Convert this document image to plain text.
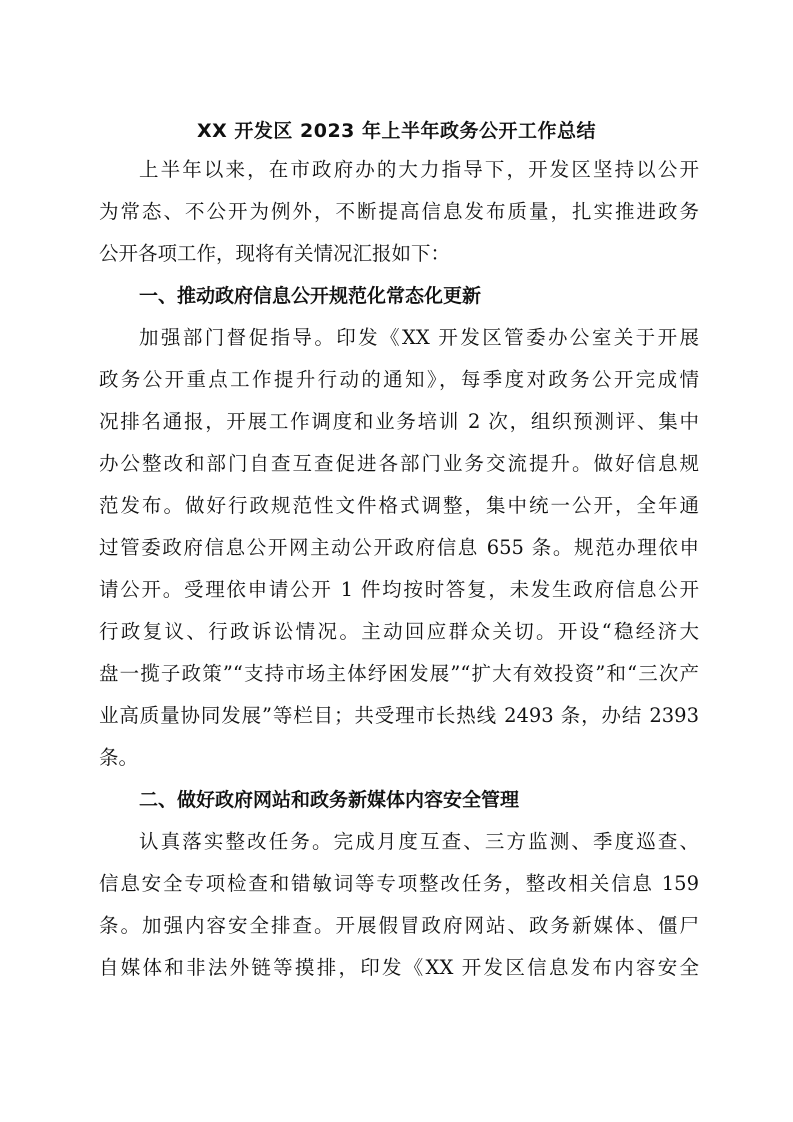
XX 开发区 2023 年上半年政务公开工作总结
上半年以来，在市政府办的大力指导下，开发区坚持以公开
为常态、不公开为例外，不断提高信息发布质量，扎实推进政务
公开各项工作，现将有关情况汇报如下：
一、推动政府信息公开规范化常态化更新
加强部门督促指导。印发《XX 开发区管委办公室关于开展
政务公开重点工作提升行动的通知》，每季度对政务公开完成情
况排名通报，开展工作调度和业务培训 2 次，组织预测评、集中
办公整改和部门自查互查促进各部门业务交流提升。做好信息规
范发布。做好行政规范性文件格式调整，集中统一公开，全年通
过管委政府信息公开网主动公开政府信息 655 条。规范办理依申
请公开。受理依申请公开 1 件均按时答复，未发生政府信息公开
行政复议、行政诉讼情况。主动回应群众关切。开设“稳经济大
盘一揽子政策”“支持市场主体纾困发展”“扩大有效投资”和“三次产
业高质量协同发展”等栏目；共受理市长热线 2493 条，办结 2393
条。
二、做好政府网站和政务新媒体内容安全管理
认真落实整改任务。完成月度互查、三方监测、季度巡查、
信息安全专项检查和错敏词等专项整改任务，整改相关信息 159
条。加强内容安全排查。开展假冒政府网站、政务新媒体、僵尸
自媒体和非法外链等摸排，印发《XX 开发区信息发布内容安全
